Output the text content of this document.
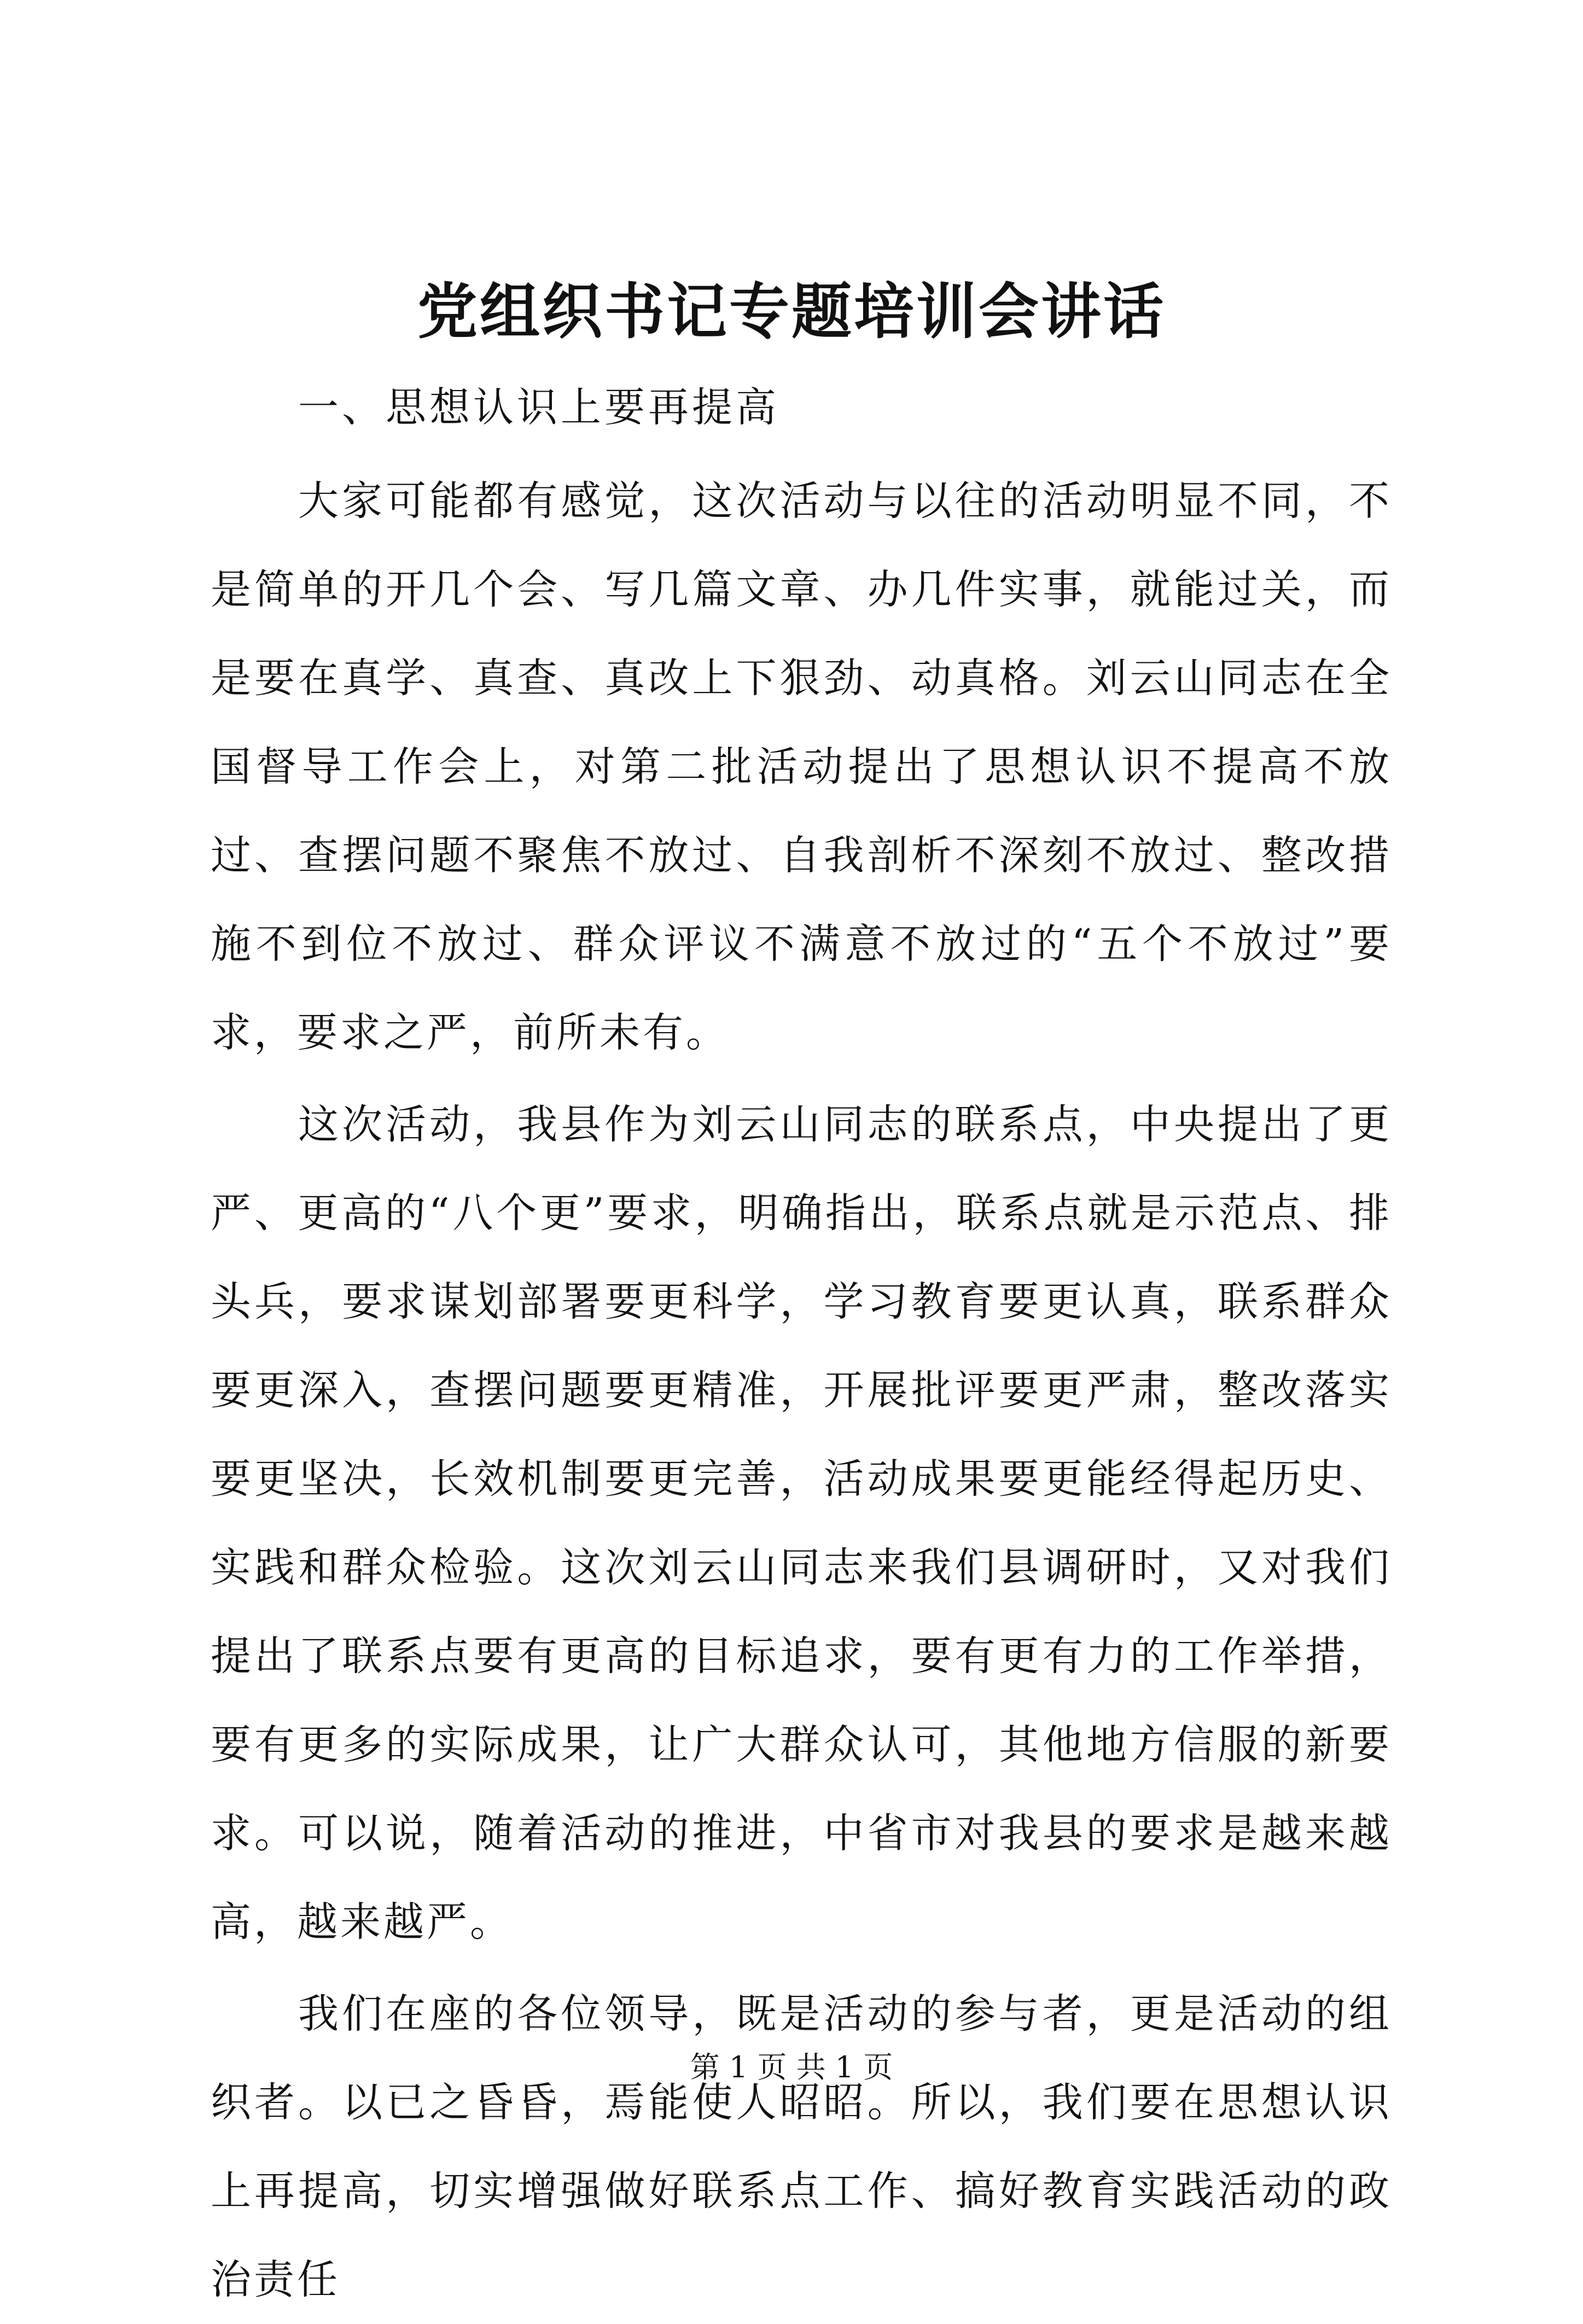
党组织书记专题培训会讲话
一、思想认识上要再提高

大家可能都有感觉，这次活动与以往的活动明显不同，不是简单的开几个会、写几篇文章、办几件实事，就能过关，而是要在真学、真查、真改上下狠劲、动真格。刘云山同志在全国督导工作会上，对第二批活动提出了思想认识不提高不放过、查摆问题不聚焦不放过、自我剖析不深刻不放过、整改措施不到位不放过、群众评议不满意不放过的“五个不放过”要求，要求之严，前所未有。

这次活动，我县作为刘云山同志的联系点，中央提出了更严、更高的“八个更”要求，明确指出，联系点就是示范点、排头兵，要求谋划部署要更科学，学习教育要更认真，联系群众要更深入，查摆问题要更精准，开展批评要更严肃，整改落实要更坚决，长效机制要更完善，活动成果要更能经得起历史、实践和群众检验。这次刘云山同志来我们县调研时，又对我们提出了联系点要有更高的目标追求，要有更有力的工作举措，要有更多的实际成果，让广大群众认可，其他地方信服的新要求。可以说，随着活动的推进，中省市对我县的要求是越来越高，越来越严。

我们在座的各位领导，既是活动的参与者，更是活动的组织者。以已之昏昏，焉能使人昭昭。所以，我们要在思想认识上再提高，切实增强做好联系点工作、搞好教育实践活动的政治责任

第 1 页 共 1 页
